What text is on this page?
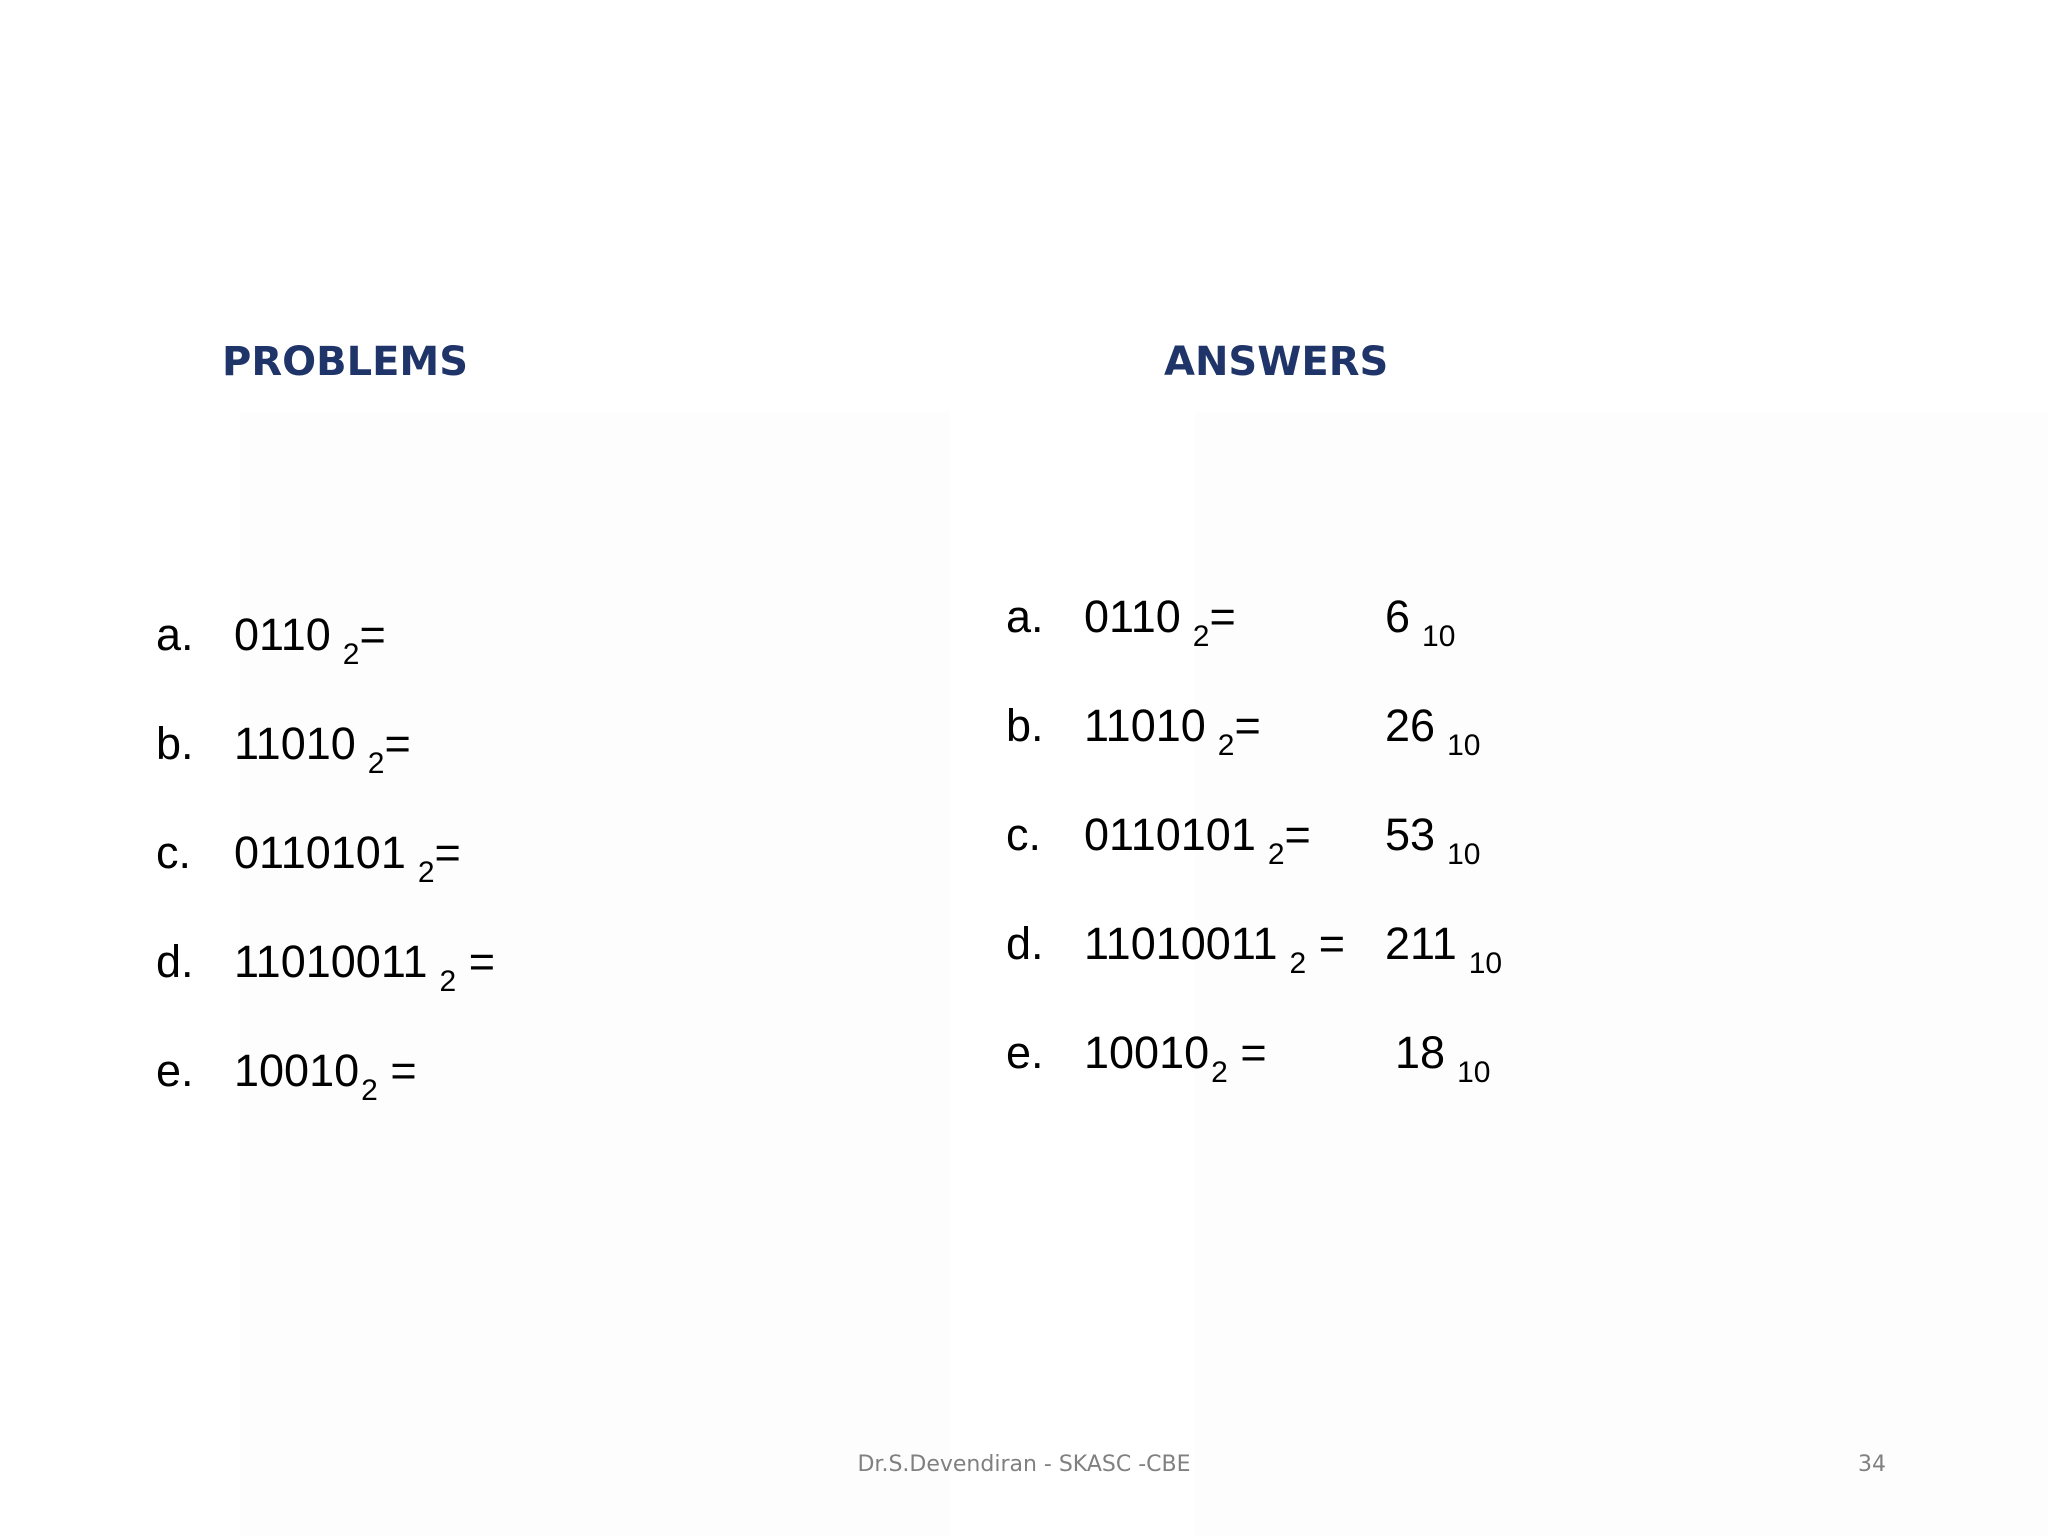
PROBLEMS	ANSWERS
a. 0110 $_2$=
b. 11010 $_2$=
c. 0110101 $_2$=
d. 11010011 $_2$ =
e. $10010_2$ =
a. 0110 $_2$=	6 $_{10}$
b. 11010 $_2$=	26 $_{10}$
c. 0110101 $_2$= 53 $_{10}$
d. 11010011 $_2$ = 211 $_{10}$
e. $10010_2$ =	18 $_{10}$
Dr.S.Devendiran - SKASC -CBE	34
